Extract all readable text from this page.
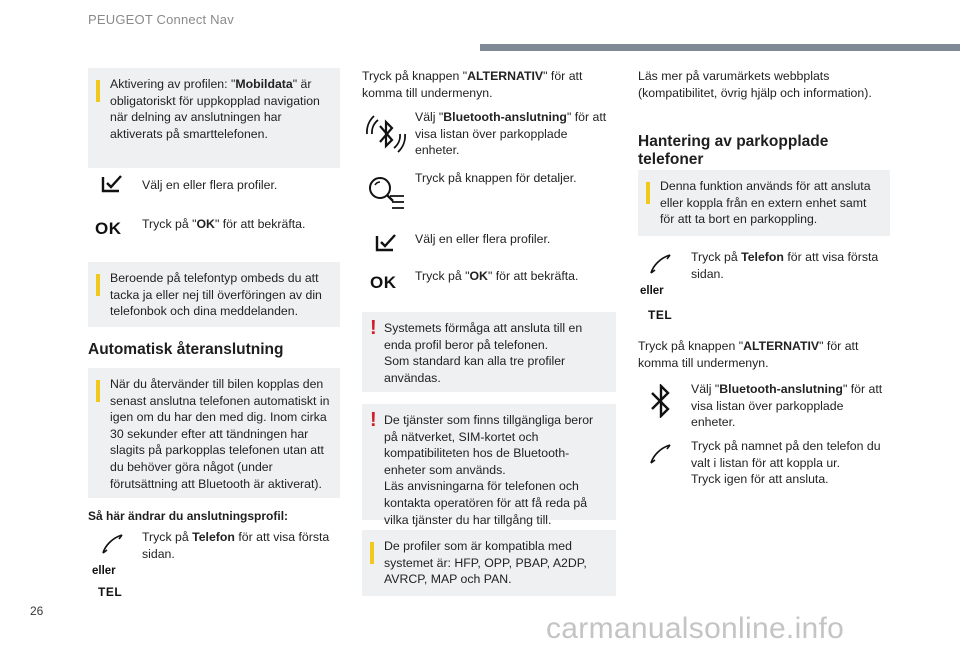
PEUGEOT Connect Nav
Aktivering av profilen: "Mobildata" är obligatoriskt för uppkopplad navigation när delning av anslutningen har aktiverats på smarttelefonen.
Välj en eller flera profiler.
OK Tryck på "OK" för att bekräfta.
Beroende på telefontyp ombeds du att tacka ja eller nej till överföringen av din telefonbok och dina meddelanden.
Automatisk återanslutning
När du återvänder till bilen kopplas den senast anslutna telefonen automatiskt in igen om du har den med dig. Inom cirka 30 sekunder efter att tändningen har slagits på parkopplas telefonen utan att du behöver göra något (under förutsättning att Bluetooth är aktiverat).
Så här ändrar du anslutningsprofil:
Tryck på Telefon för att visa första sidan.
eller
TEL
Tryck på knappen "ALTERNATIV" för att komma till undermenyn.
Välj "Bluetooth-anslutning" för att visa listan över parkopplade enheter.
Tryck på knappen för detaljer.
Välj en eller flera profiler.
OK Tryck på "OK" för att bekräfta.
! Systemets förmåga att ansluta till en enda profil beror på telefonen.
Som standard kan alla tre profiler användas.
! De tjänster som finns tillgängliga beror på nätverket, SIM-kortet och kompatibiliteten hos de Bluetooth-enheter som används.
Läs anvisningarna för telefonen och kontakta operatören för att få reda på vilka tjänster du har tillgång till.
De profiler som är kompatibla med systemet är: HFP, OPP, PBAP, A2DP, AVRCP, MAP och PAN.
Läs mer på varumärkets webbplats (kompatibilitet, övrig hjälp och information).
Hantering av parkopplade
telefoner
Denna funktion används för att ansluta eller koppla från en extern enhet samt för att ta bort en parkoppling.
Tryck på Telefon för att visa första sidan.
eller
TEL
Tryck på knappen "ALTERNATIV" för att komma till undermenyn.
Välj "Bluetooth-anslutning" för att visa listan över parkopplade enheter.
Tryck på namnet på den telefon du valt i listan för att koppla ur.
Tryck igen för att ansluta.
26
carmanualsonline.info
